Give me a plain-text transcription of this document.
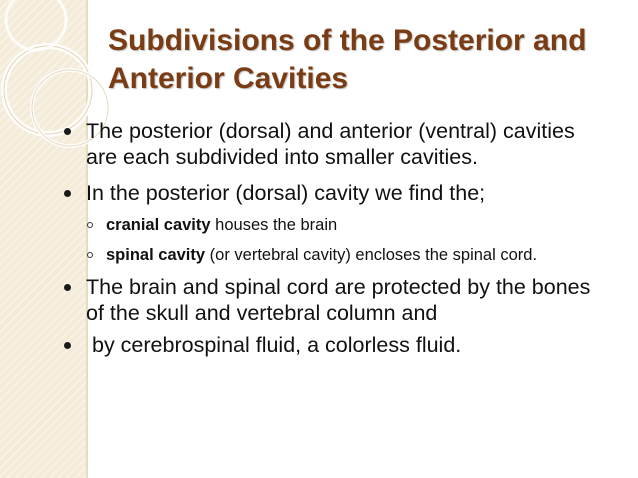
Subdivisions of the Posterior and Anterior Cavities
The posterior (dorsal) and anterior (ventral) cavities are each subdivided into smaller cavities.
In the posterior (dorsal) cavity we find the;
cranial cavity houses the brain
spinal cavity (or vertebral cavity) encloses the spinal cord.
The brain and spinal cord are protected by the bones of the skull and vertebral column and
by cerebrospinal fluid, a colorless fluid.
